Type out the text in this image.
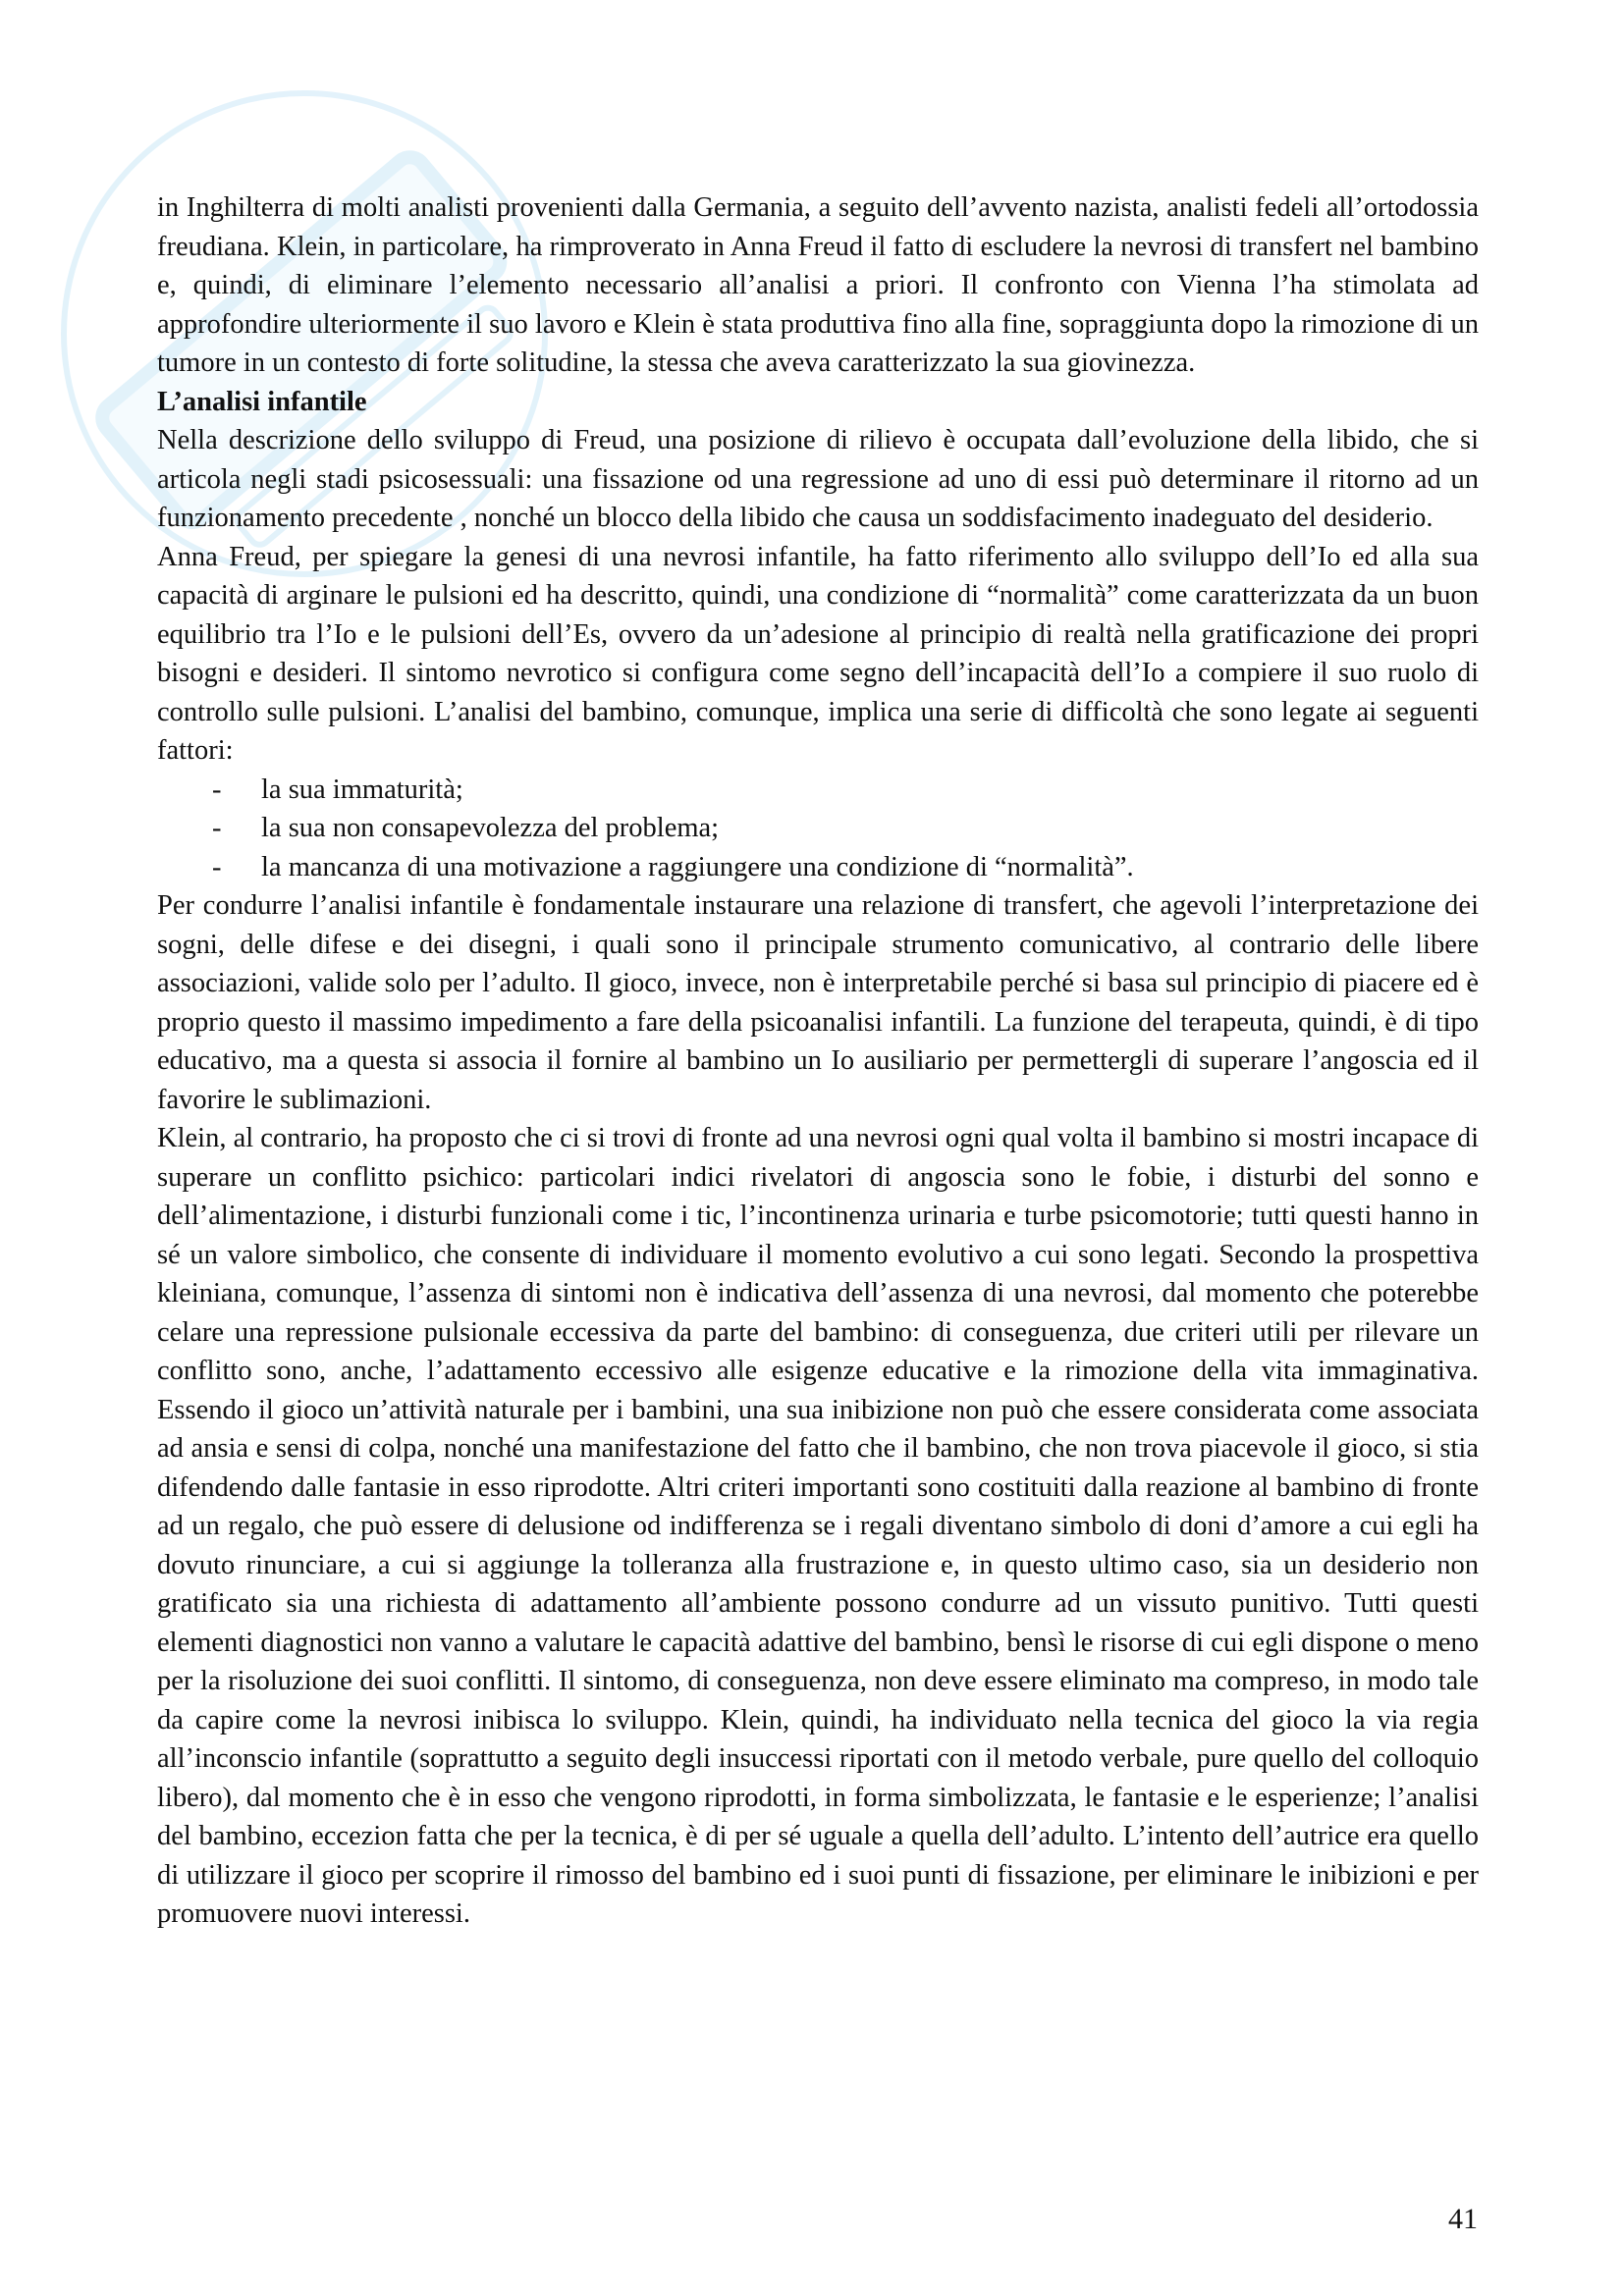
in Inghilterra di molti analisti provenienti dalla Germania, a seguito dell’avvento nazista, analisti fedeli all’ortodossia freudiana. Klein, in particolare, ha rimproverato in Anna Freud il fatto di escludere la nevrosi di transfert nel bambino e, quindi, di eliminare l’elemento necessario all’analisi a priori. Il confronto con Vienna l’ha stimolata ad approfondire ulteriormente il suo lavoro e Klein è stata produttiva fino alla fine, sopraggiunta dopo la rimozione di un tumore in un contesto di forte solitudine, la stessa che aveva caratterizzato la sua giovinezza.

L’analisi infantile

Nella descrizione dello sviluppo di Freud, una posizione di rilievo è occupata dall’evoluzione della libido, che si articola negli stadi psicosessuali: una fissazione od una regressione ad uno di essi può determinare il ritorno ad un funzionamento precedente , nonché un blocco della libido che causa un soddisfacimento inadeguato del desiderio.

Anna Freud, per spiegare la genesi di una nevrosi infantile, ha fatto riferimento allo sviluppo dell’Io ed alla sua capacità di arginare le pulsioni ed ha descritto, quindi, una condizione di “normalità” come caratterizzata da un buon equilibrio tra l’Io e le pulsioni dell’Es, ovvero da un’adesione al principio di realtà nella gratificazione dei propri bisogni e desideri. Il sintomo nevrotico si configura come segno dell’incapacità dell’Io a compiere il suo ruolo di controllo sulle pulsioni. L’analisi del bambino, comunque, implica una serie di difficoltà che sono legate ai seguenti fattori:

- la sua immaturità;
- la sua non consapevolezza del problema;
- la mancanza di una motivazione a raggiungere una condizione di “normalità”.

Per condurre l’analisi infantile è fondamentale instaurare una relazione di transfert, che agevoli l’interpretazione dei sogni, delle difese e dei disegni, i quali sono il principale strumento comunicativo, al contrario delle libere associazioni, valide solo per l’adulto. Il gioco, invece, non è interpretabile perché si basa sul principio di piacere ed è proprio questo il massimo impedimento a fare della psicoanalisi infantili. La funzione del terapeuta, quindi, è di tipo educativo, ma a questa si associa il fornire al bambino un Io ausiliario per permettergli di superare l’angoscia ed il favorire le sublimazioni.

Klein, al contrario, ha proposto che ci si trovi di fronte ad una nevrosi ogni qual volta il bambino si mostri incapace di superare un conflitto psichico: particolari indici rivelatori di angoscia sono le fobie, i disturbi del sonno e dell’alimentazione, i disturbi funzionali come i tic, l’incontinenza urinaria e turbe psicomotorie; tutti questi hanno in sé un valore simbolico, che consente di individuare il momento evolutivo a cui sono legati. Secondo la prospettiva kleiniana, comunque, l’assenza di sintomi non è indicativa dell’assenza di una nevrosi, dal momento che poterebbe celare una repressione pulsionale eccessiva da parte del bambino: di conseguenza, due criteri utili per rilevare un conflitto sono, anche, l’adattamento eccessivo alle esigenze educative e la rimozione della vita immaginativa. Essendo il gioco un’attività naturale per i bambini, una sua inibizione non può che essere considerata come associata ad ansia e sensi di colpa, nonché una manifestazione del fatto che il bambino, che non trova piacevole il gioco, si stia difendendo dalle fantasie in esso riprodotte. Altri criteri importanti sono costituiti dalla reazione al bambino di fronte ad un regalo, che può essere di delusione od indifferenza se i regali diventano simbolo di doni d’amore a cui egli ha dovuto rinunciare, a cui si aggiunge la tolleranza alla frustrazione e, in questo ultimo caso, sia un desiderio non gratificato sia una richiesta di adattamento all’ambiente possono condurre ad un vissuto punitivo. Tutti questi elementi diagnostici non vanno a valutare le capacità adattive del bambino, bensì le risorse di cui egli dispone o meno per la risoluzione dei suoi conflitti. Il sintomo, di conseguenza, non deve essere eliminato ma compreso, in modo tale da capire come la nevrosi inibisca lo sviluppo. Klein, quindi, ha individuato nella tecnica del gioco la via regia all’inconscio infantile (soprattutto a seguito degli insuccessi riportati con il metodo verbale, pure quello del colloquio libero), dal momento che è in esso che vengono riprodotti, in forma simbolizzata, le fantasie e le esperienze; l’analisi del bambino, eccezion fatta che per la tecnica, è di per sé uguale a quella dell’adulto. L’intento dell’autrice era quello di utilizzare il gioco per scoprire il rimosso del bambino ed i suoi punti di fissazione, per eliminare le inibizioni e per promuovere nuovi interessi.

41
